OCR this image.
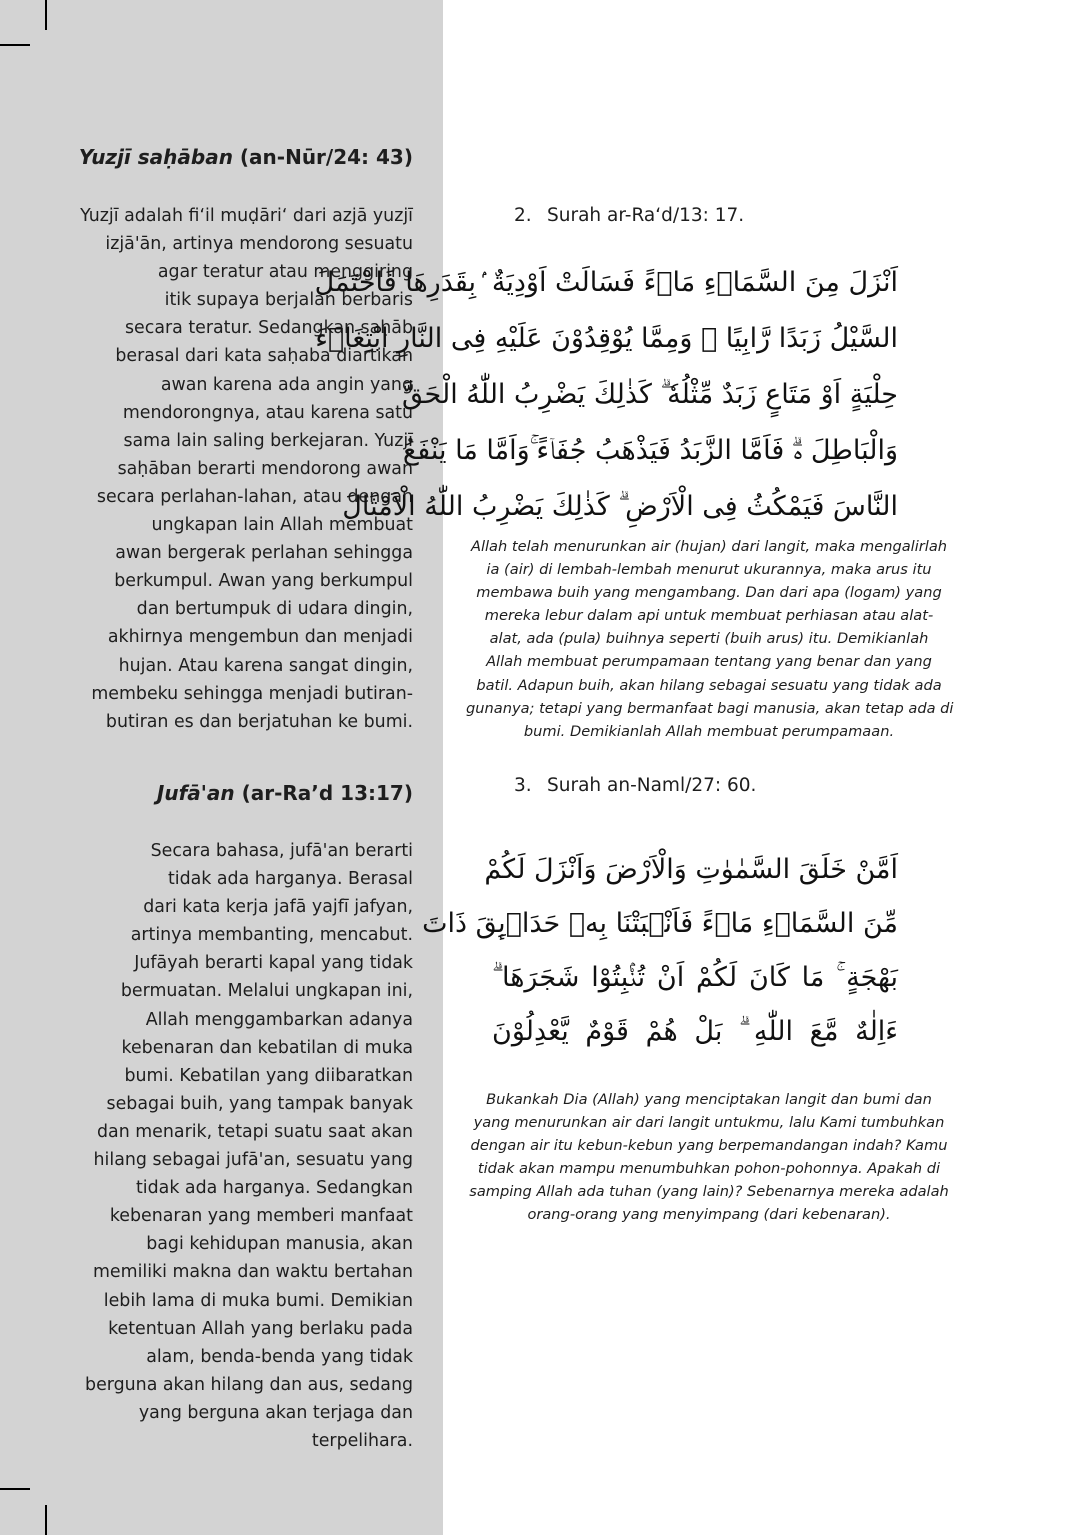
Yuzjī saḥāban (an-Nūr/24: 43)
Yuzjī adalah fi‘il muḍāri‘ dari azjā yuzjī
izjā'ān, artinya mendorong sesuatu
agar teratur atau menggiring
itik supaya berjalan berbaris
secara teratur. Sedangkan saḥāb
berasal dari kata saḥaba diartikan
awan karena ada angin yang
mendorongnya, atau karena satu
sama lain saling berkejaran. Yuzjī
saḥāban berarti mendorong awan
secara perlahan-lahan, atau dengan
ungkapan lain Allah membuat
awan bergerak perlahan sehingga
berkumpul. Awan yang berkumpul
dan bertumpuk di udara dingin,
akhirnya mengembun dan menjadi
hujan. Atau karena sangat dingin,
membeku sehingga menjadi butiran-
butiran es dan berjatuhan ke bumi.
Jufā'an (ar-Ra’d 13:17)
Secara bahasa, jufā'an berarti
tidak ada harganya. Berasal
dari kata kerja jafā yajfī jafyan,
artinya membanting, mencabut.
Jufāyah berarti kapal yang tidak
bermuatan. Melalui ungkapan ini,
Allah menggambarkan adanya
kebenaran dan kebatilan di muka
bumi. Kebatilan yang diibaratkan
sebagai buih, yang tampak banyak
dan menarik, tetapi suatu saat akan
hilang sebagai jufā'an, sesuatu yang
tidak ada harganya. Sedangkan
kebenaran yang memberi manfaat
bagi kehidupan manusia, akan
memiliki makna dan waktu bertahan
lebih lama di muka bumi. Demikian
ketentuan Allah yang berlaku pada
alam, benda-benda yang tidak
berguna akan hilang dan aus, sedang
yang berguna akan terjaga dan
terpelihara.
2. Surah ar-Ra‘d/13: 17.
اَنْزَلَ مِنَ السَّمَاۤءِ مَاۤءً فَسَالَتْ اَوْدِيَةٌ ۢبِقَدَرِهَا فَاحْتَمَلَ
السَّيْلُ زَبَدًا رَّابِيًا ۗ وَمِمَّا يُوْقِدُوْنَ عَلَيْهِ فِى النَّارِ ابْتِغَاۤءَ
حِلْيَةٍ اَوْ مَتَاعٍ زَبَدٌ مِّثْلُهٗ ۗ كَذٰلِكَ يَضْرِبُ اللّٰهُ الْحَقَّ
وَالْبَاطِلَ ەۗ فَاَمَّا الزَّبَدُ فَيَذْهَبُ جُفَاۤءً ۚوَاَمَّا مَا يَنْفَعُ
النَّاسَ فَيَمْكُثُ فِى الْاَرْضِ ۗ كَذٰلِكَ يَضْرِبُ اللّٰهُ الْاَمْثَالَ
Allah telah menurunkan air (hujan) dari langit, maka mengalirlah
ia (air) di lembah-lembah menurut ukurannya, maka arus itu
membawa buih yang mengambang. Dan dari apa (logam) yang
mereka lebur dalam api untuk membuat perhiasan atau alat-
alat, ada (pula) buihnya seperti (buih arus) itu. Demikianlah
Allah membuat perumpamaan tentang yang benar dan yang
batil. Adapun buih, akan hilang sebagai sesuatu yang tidak ada
gunanya; tetapi yang bermanfaat bagi manusia, akan tetap ada di
bumi. Demikianlah Allah membuat perumpamaan.
3. Surah an-Naml/27: 60.
اَمَّنْ خَلَقَ السَّمٰوٰتِ وَالْاَرْضَ وَاَنْزَلَ لَكُمْ
مِّنَ السَّمَاۤءِ مَاۤءً فَاَنْۢبَتْنَا بِهٖ حَدَاۤىِٕقَ ذَاتَ
بَهْجَةٍ ۚ مَا كَانَ لَكُمْ اَنْ تُنْۢبِتُوْا شَجَرَهَا ۗ
ءَاِلٰهٌ مَّعَ اللّٰهِ ۗ بَلْ هُمْ قَوْمٌ يَّعْدِلُوْنَ
Bukankah Dia (Allah) yang menciptakan langit dan bumi dan
yang menurunkan air dari langit untukmu, lalu Kami tumbuhkan
dengan air itu kebun-kebun yang berpemandangan indah? Kamu
tidak akan mampu menumbuhkan pohon-pohonnya. Apakah di
samping Allah ada tuhan (yang lain)? Sebenarnya mereka adalah
orang-orang yang menyimpang (dari kebenaran).
